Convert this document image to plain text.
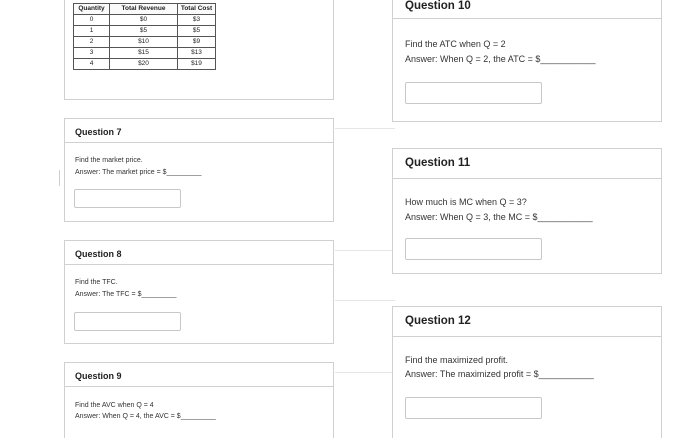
Quantity	Total Revenue	Total Cost
0	$0	$3
1	$5	$5
2	$10	$9
3	$15	$13
4	$20	$19
Question 7
Find the market price.
Answer: The market price = $_________
Question 8
Find the TFC.
Answer: The TFC = $_________
Question 9
Find the AVC when Q = 4
Answer: When Q = 4, the AVC = $_________
Question 10
Find the ATC when Q = 2
Answer: When Q = 2, the ATC = $___________
Question 11
How much is MC when Q = 3?
Answer: When Q = 3, the MC = $___________
Question 12
Find the maximized profit.
Answer: The maximized profit = $___________
